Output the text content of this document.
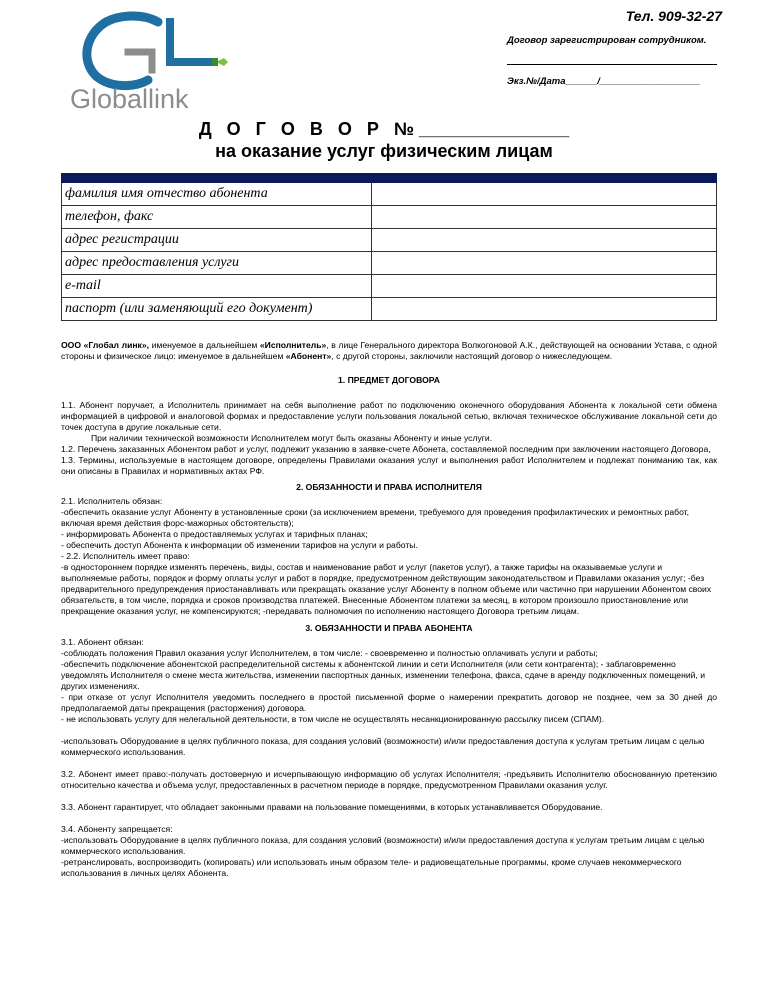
Globallink
Тел. 909-32-27
Договор зарегистрирован сотрудником.
Экз.№/Дата______/___________________
Д О Г О В О Р №_______________
на оказание услуг физическим лицам

фамилия имя отчество абонента	
телефон, факс	
адрес регистрации	
адрес предоставления услуги	
e-mail	
паспорт (или заменяющий его документ)	

ООО «Глобал линк», именуемое в дальнейшем «Исполнитель», в лице Генерального директора Волкогоновой А.К., действующей на основании Устава, с одной стороны и физическое лицо: именуемое в дальнейшем «Абонент», с другой стороны, заключили настоящий договор о нижеследующем.

1. ПРЕДМЕТ ДОГОВОРА

1.1. Абонент поручает, а Исполнитель принимает на себя выполнение работ по подключению оконечного оборудования Абонента к локальной сети обмена информацией в цифровой и аналоговой формах и предоставление услуги пользования локальной сетью, включая техническое обслуживание локальной сети до точек доступа в другие локальные сети.

При наличии технической возможности Исполнителем могут быть оказаны Абоненту и иные услуги.

1.2. Перечень заказанных Абонентом работ и услуг, подлежит указанию в заявке-счете Абонета, составляемой последним при заключении настоящего Договора,

1.3. Термины, используемые в настоящем договоре, определены Правилами оказания услуг и выполнения работ Исполнителем и подлежат пониманию так, как они описаны в Правилах и нормативных актах РФ.

2. ОБЯЗАННОСТИ И ПРАВА ИСПОЛНИТЕЛЯ

2.1. Исполнитель обязан:

-обеспечить оказание услуг Абоненту в установленные сроки (за исключением времени, требуемого для проведения профилактических и ремонтных работ, включая время действия форс-мажорных обстоятельств);

- информировать Абонента о предоставляемых услугах и тарифных планах;

- обеспечить доступ Абонента к информации об изменении тарифов на услуги и работы.

- 2.2. Исполнитель имеет право:

-в одностороннем порядке изменять перечень, виды, состав и наименование работ и услуг (пакетов услуг), а также тарифы на оказываемые услуги и выполняемые работы, порядок и форму оплаты услуг и работ в порядке, предусмотренном действующим законодательством и Правилами оказания услуг; -без предварительного предупреждения приостанавливать или прекращать оказание услуг Абоненту в полном объеме или частично при нарушении Абонентом своих обязательств, в том числе, порядка и сроков производства платежей. Внесенные Абонентом платежи за месяц, в котором произошло приостановление или прекращение оказания услуг, не компенсируются; -передавать полномочия по исполнению настоящего Договора третьим лицам.

3. ОБЯЗАННОСТИ И ПРАВА АБОНЕНТА

3.1. Абонент обязан:

-соблюдать положения Правил оказания услуг Исполнителем, в том числе: - своевременно и полностью оплачивать услуги и работы;

-обеспечить подключение абонентской распределительной системы к абонентской линии и сети Исполнителя (или сети контрагента); - заблаговременно уведомлять Исполнителя о смене места жительства, изменении паспортных данных, изменении телефона, факса, сдаче в аренду подключенных помещений, и других изменениях.

- при отказе от услуг Исполнителя уведомить последнего в простой письменной форме о намерении прекратить договор не позднее, чем за 30 дней до предполагаемой даты прекращения (расторжения) договора.

- не использовать услугу для нелегальной деятельности, в том числе не осуществлять несанкционированную рассылку писем (СПАМ).

-использовать Оборудование в целях публичного показа, для создания условий (возможности) и/или предоставления доступа к услугам третьим лицам с целью коммерческого использования.

3.2. Абонент имеет право:-получать достоверную и исчерпывающую информацию об услугах Исполнителя; -предъявить Исполнителю обоснованную претензию относительно качества и объема услуг, предоставленных в расчетном периоде в порядке, предусмотренном Правилами оказания услуг.

3.3. Абонент гарантирует, что обладает законными правами на пользование помещениями, в которых устанавливается Оборудование.

3.4. Абоненту запрещается:

-использовать Оборудование в целях публичного показа, для создания условий (возможности) и/или предоставления доступа к услугам третьим лицам с целью коммерческого использования.

-ретранслировать, воспроизводить (копировать) или использовать иным образом теле- и радиовещательные программы, кроме случаев некоммерческого использования в личных целях Абонента.
